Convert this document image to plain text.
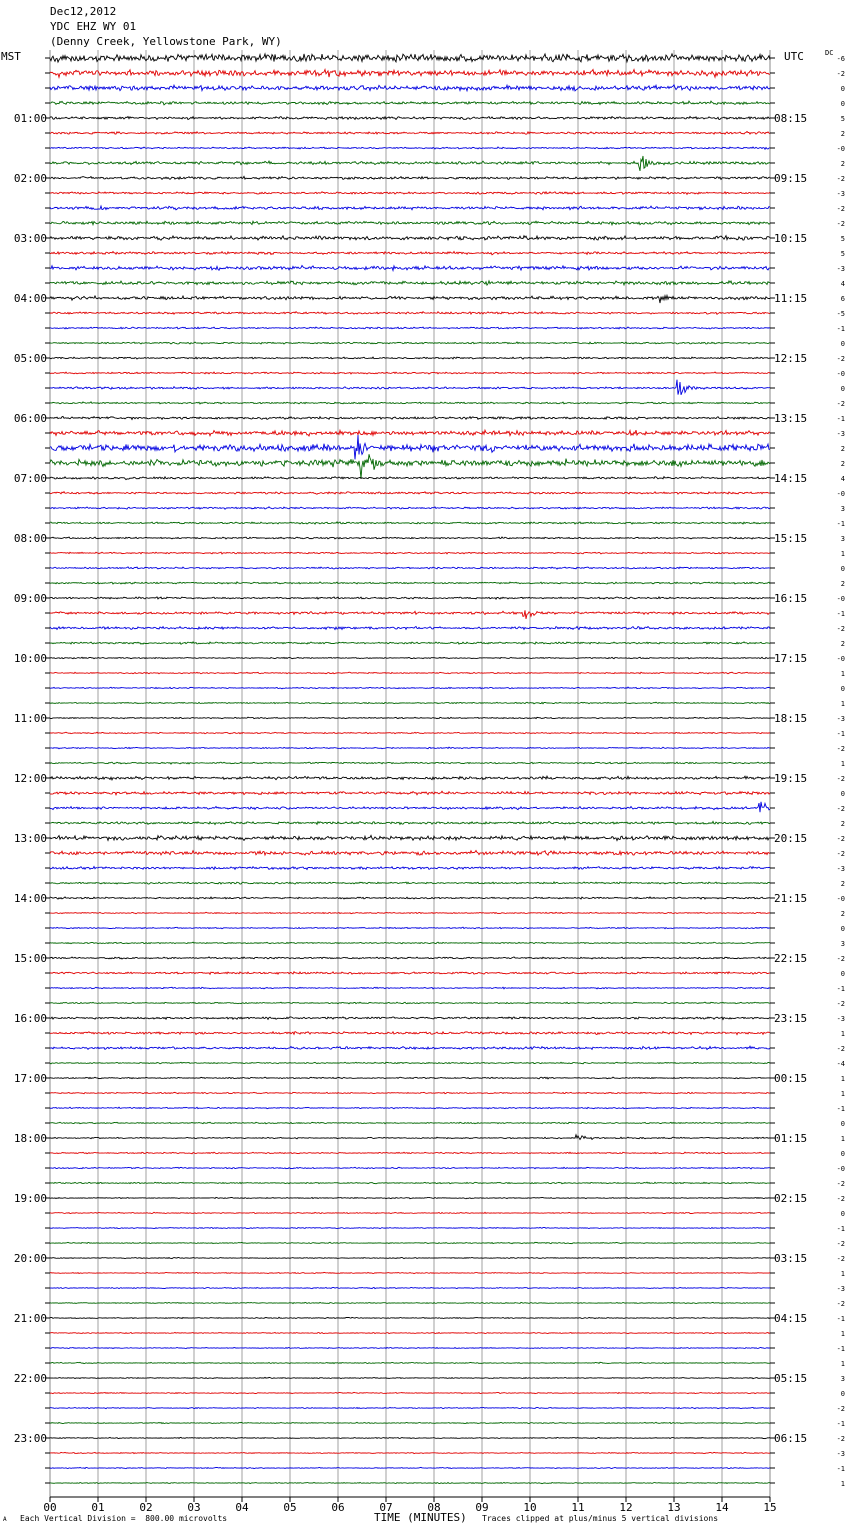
00	01	02	03	04	05	06	07	08	09	10	11	12	13	14	15
01:00	08:15
02:00	09:15
03:00	10:15
04:00	11:15
05:00	12:15
06:00	13:15
07:00	14:15
08:00	15:15
09:00	16:15
10:00	17:15
11:00	18:15
12:00	19:15
13:00	20:15
14:00	21:15
15:00	22:15
16:00	23:15
17:00	00:15
18:00	01:15
19:00	02:15
20:00	03:15
21:00	04:15
22:00	05:15
23:00	06:15
-6
-2
0
0
5
2
-0
2
-2
-3
-2
-2
5
5
-3
4
6
-5
-1
0
-2
-0
0
-2
-1
-3
2
2
4
-0
3
-1
3
1
0
2
-0
-1
-2
2
-0
1
0
1
-3
-1
-2
1
-2
0
-2
2
-2
-2
-3
2
-0
2
0
3
-2
0
-1
-2
-3
1
-2
-4
1
1
-1
0
1
0
-0
-2
-2
0
-1
-2
-2
1
-3
-2
-1
1
-1
1
3
0
-2
-1
-2
-3
-1
1
Dec12,2012
YDC EHZ WY 01
(Denny Creek, Yellowstone Park, WY)
MST	UTC	DC
A Each Vertical Division =  800.00 microvolts	TIME (MINUTES) Traces clipped at plus/minus 5 vertical divisions
